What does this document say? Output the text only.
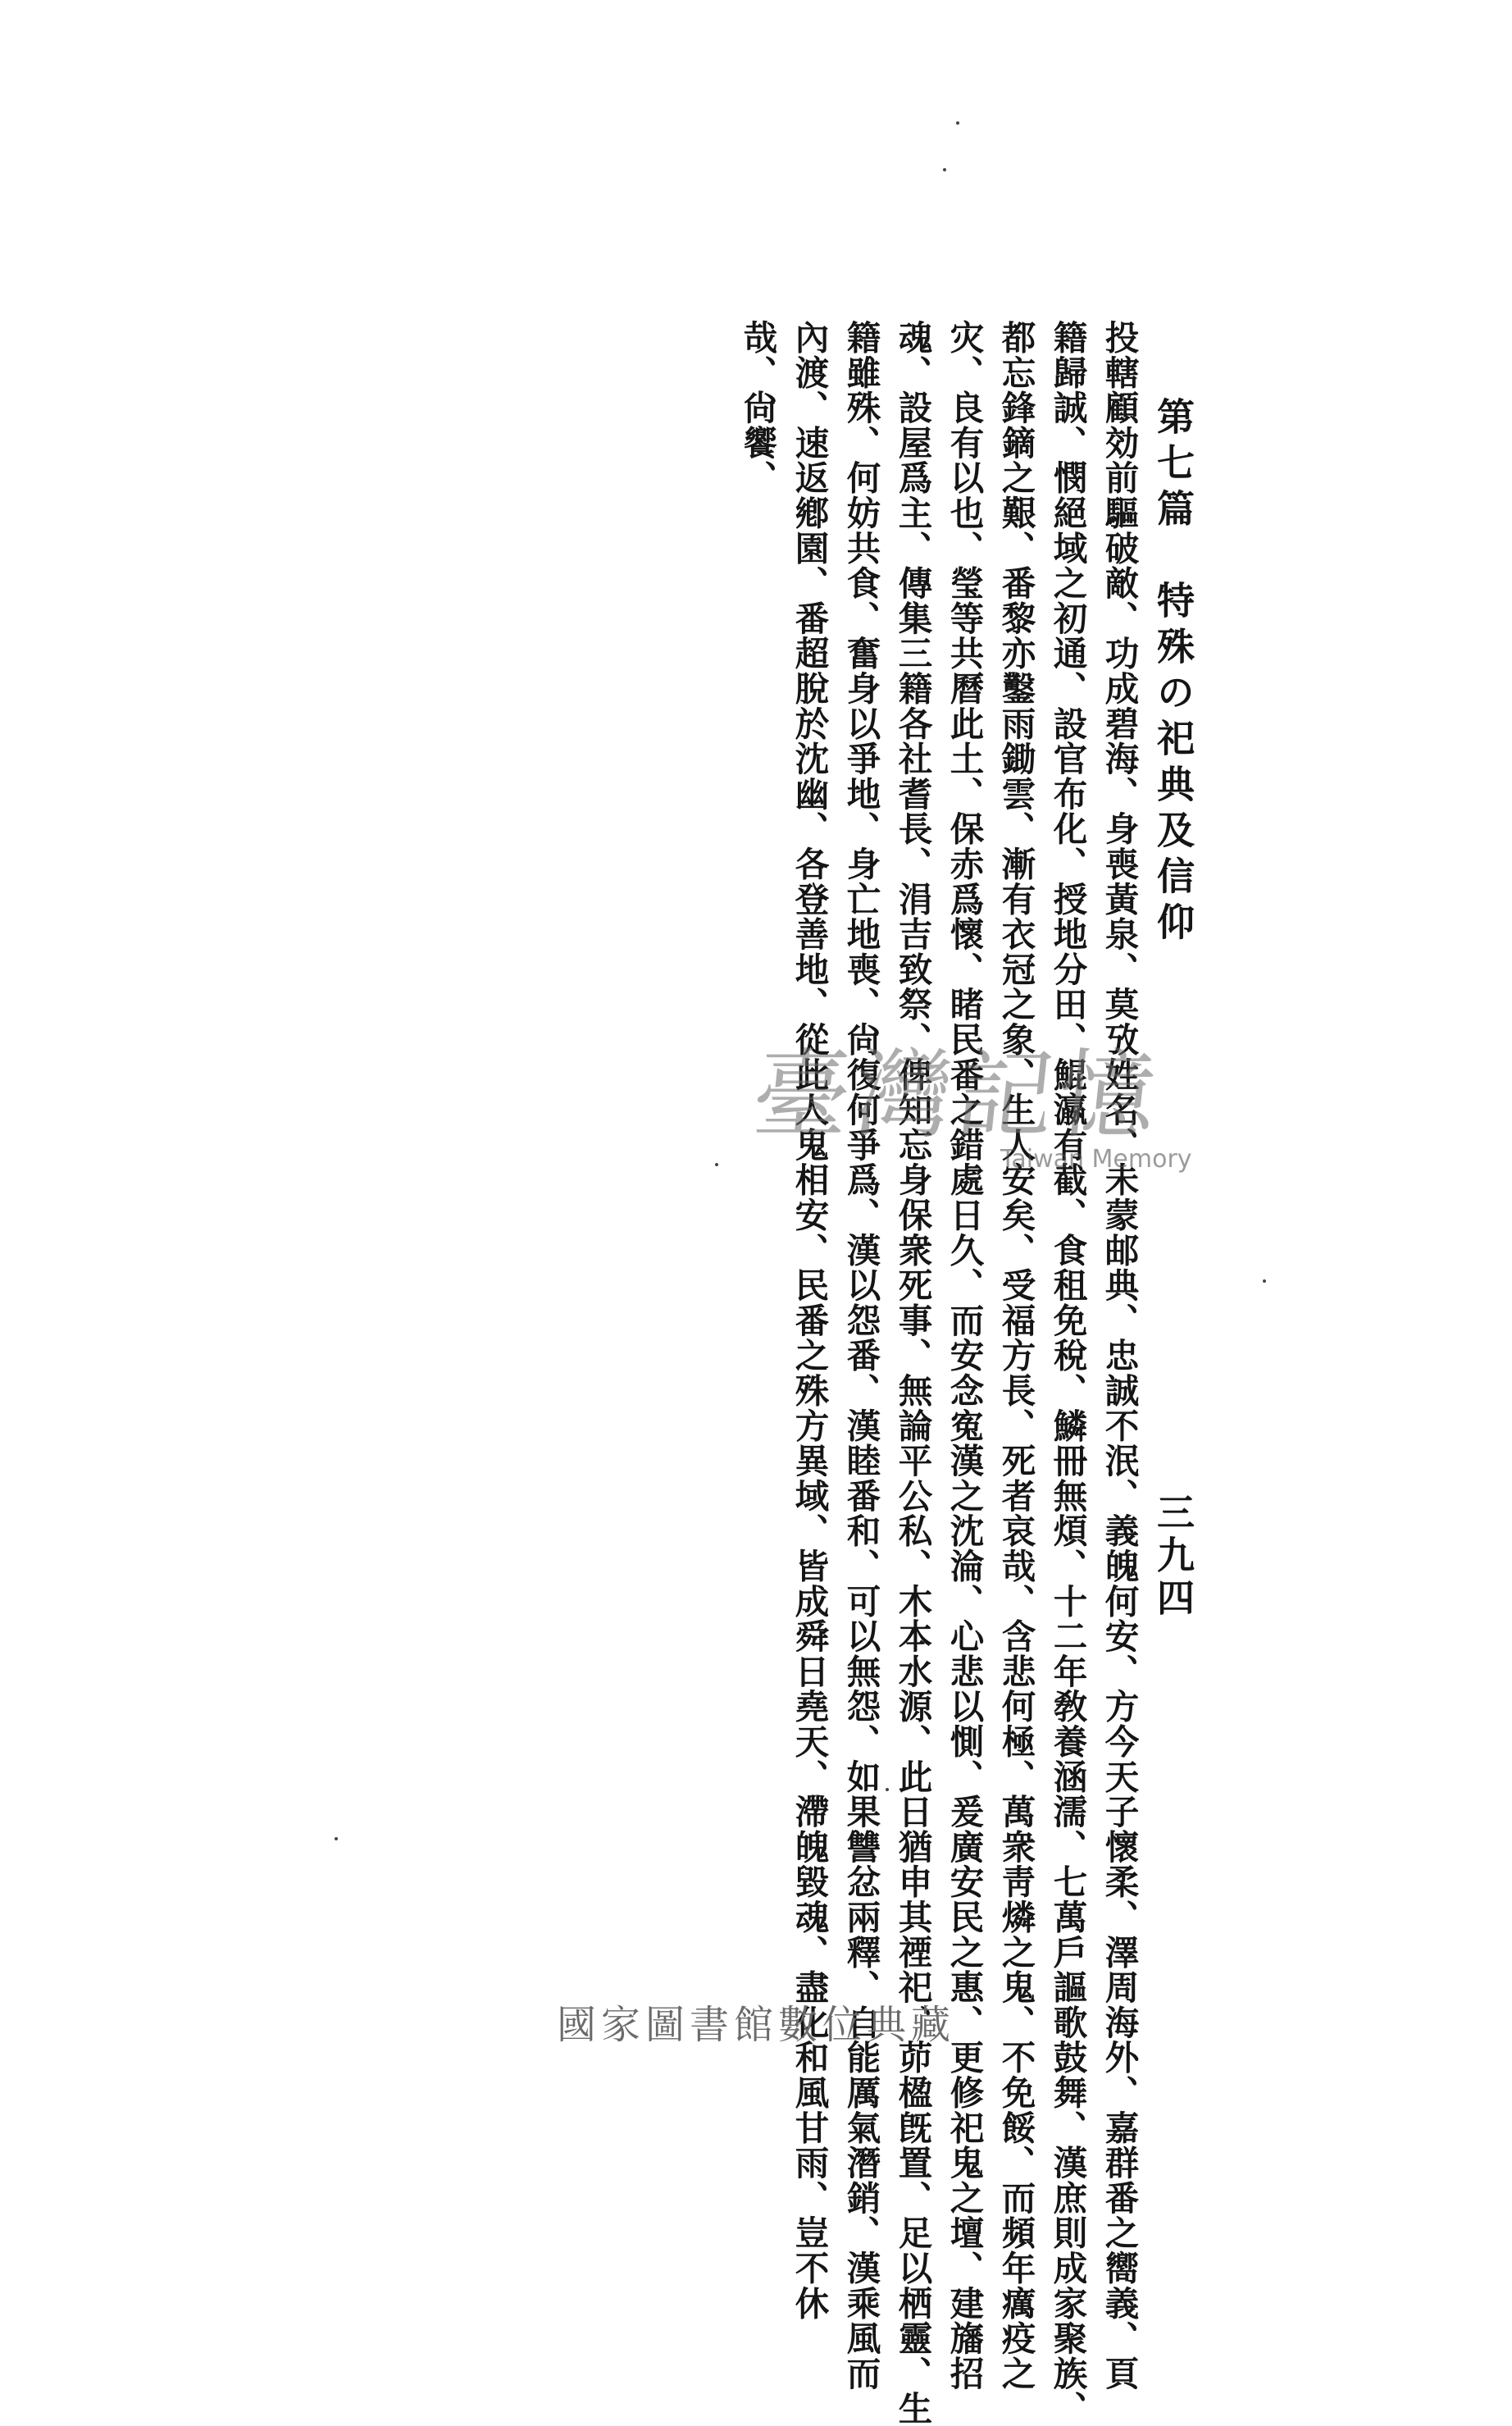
第七篇　特殊の祀典及信仰
三九四
投轄顧効前驅破敵、功成碧海、身喪黃泉、莫攷姓名、未蒙邮典、忠誠不泯、義魄何安、方今天子懷柔、澤周海外、嘉群番之嚮義、頁
籍歸誠、憫絕域之初通、設官布化、授地分田、鯤瀛有截、食租免稅、鱗冊無煩、十二年敎養涵濡、七萬戶謳歌鼓舞、漢庶則成家聚族、
都忘鋒鏑之艱、番黎亦鑿雨鋤雲、漸有衣冠之象、生人安矣、受福方長、死者哀哉、含悲何極、萬衆靑燐之鬼、不免餒、而頻年癘疫之
灾、良有以也、瑩等共曆此土、保赤爲懷、睹民番之錯處日久、而安念寃漢之沈淪、心悲以惻、爰廣安民之惠、更修祀鬼之壇、建旛招
魂、設屋爲主、傳集三籍各社耆長、涓吉致祭、俾知忘身保衆死事、無論平公私、木本水源、此日猶申其禋祀、茆楹旣置、足以栖靈、生
籍雖殊、何妨共食、奮身以爭地、身亡地喪、尙復何爭爲、漢以怨番、漢睦番和、可以無怨、如果讐忿兩釋、自能厲氣潛銷、漢乘風而
內渡、速返鄕園、番超脫於沈幽、各登善地、從此人鬼相安、民番之殊方異域、皆成舜日堯天、滯魄毀魂、盡化和風甘雨、豈不休
哉、尙饗、
臺灣記憶
Taiwan Memory
國家圖書館數位典藏
